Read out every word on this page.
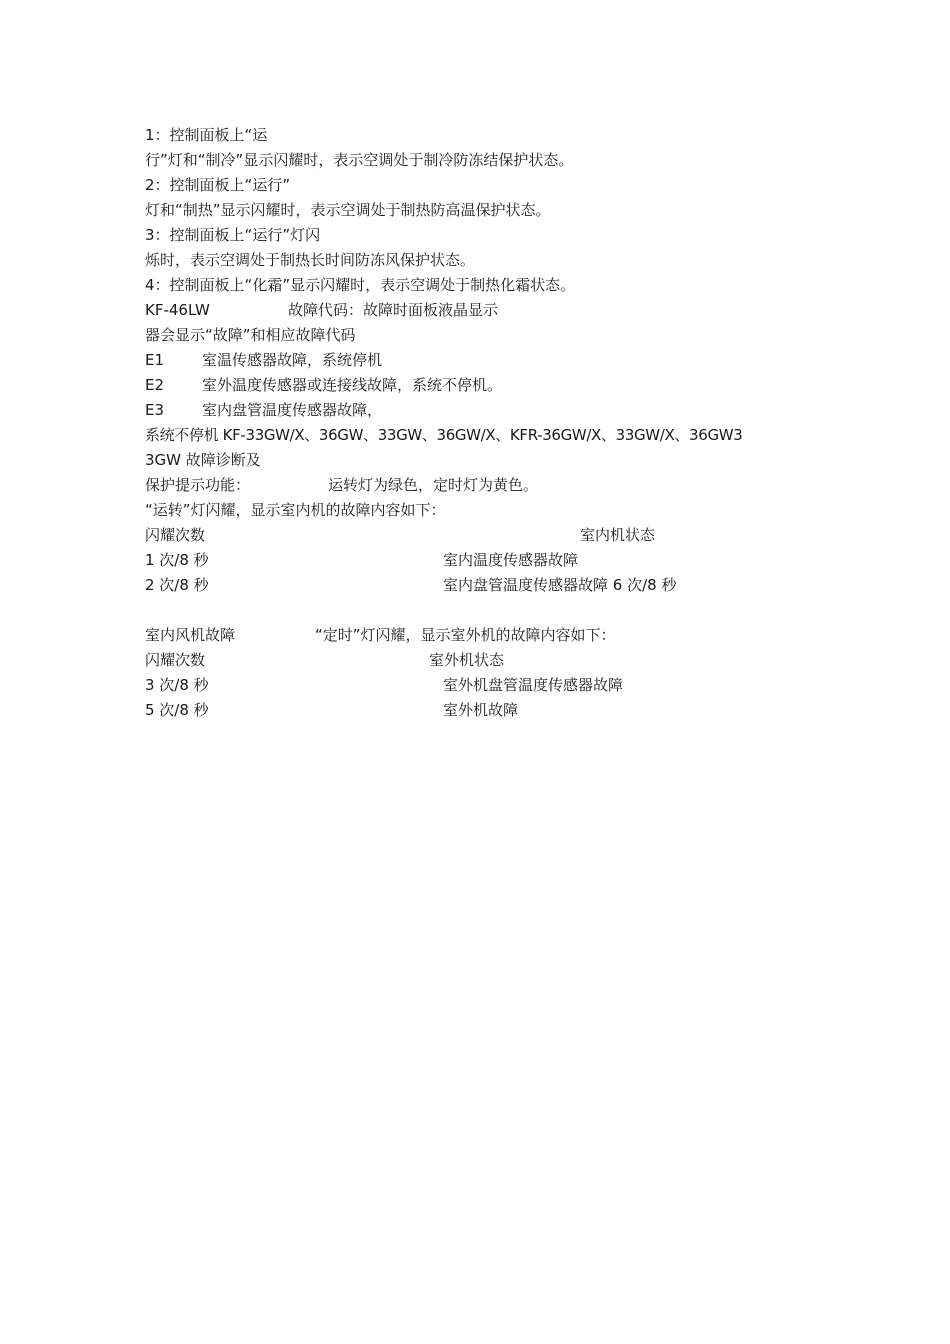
1：控制面板上“运
行”灯和“制冷”显示闪耀时，表示空调处于制冷防冻结保护状态。
2：控制面板上“运行”
灯和“制热”显示闪耀时，表示空调处于制热防高温保护状态。
3：控制面板上“运行”灯闪
烁时，表示空调处于制热长时间防冻风保护状态。
4：控制面板上“化霜”显示闪耀时，表示空调处于制热化霜状态。
KF-46LW	故障代码：故障时面板液晶显示
器会显示“故障”和相应故障代码
E1	室温传感器故障，系统停机
E2	室外温度传感器或连接线故障，系统不停机。
E3	室内盘管温度传感器故障，
系统不停机 KF-33GW/X、36GW、33GW、36GW/X、KFR-36GW/X、33GW/X、36GW3
3GW 故障诊断及
保护提示功能：	运转灯为绿色，定时灯为黄色。
“运转”灯闪耀，显示室内机的故障内容如下：
闪耀次数	室内机状态
1 次/8 秒	室内温度传感器故障
2 次/8 秒	室内盘管温度传感器故障 6 次/8 秒
室内风机故障	“定时”灯闪耀，显示室外机的故障内容如下：
闪耀次数	室外机状态
3 次/8 秒	室外机盘管温度传感器故障
5 次/8 秒	室外机故障
